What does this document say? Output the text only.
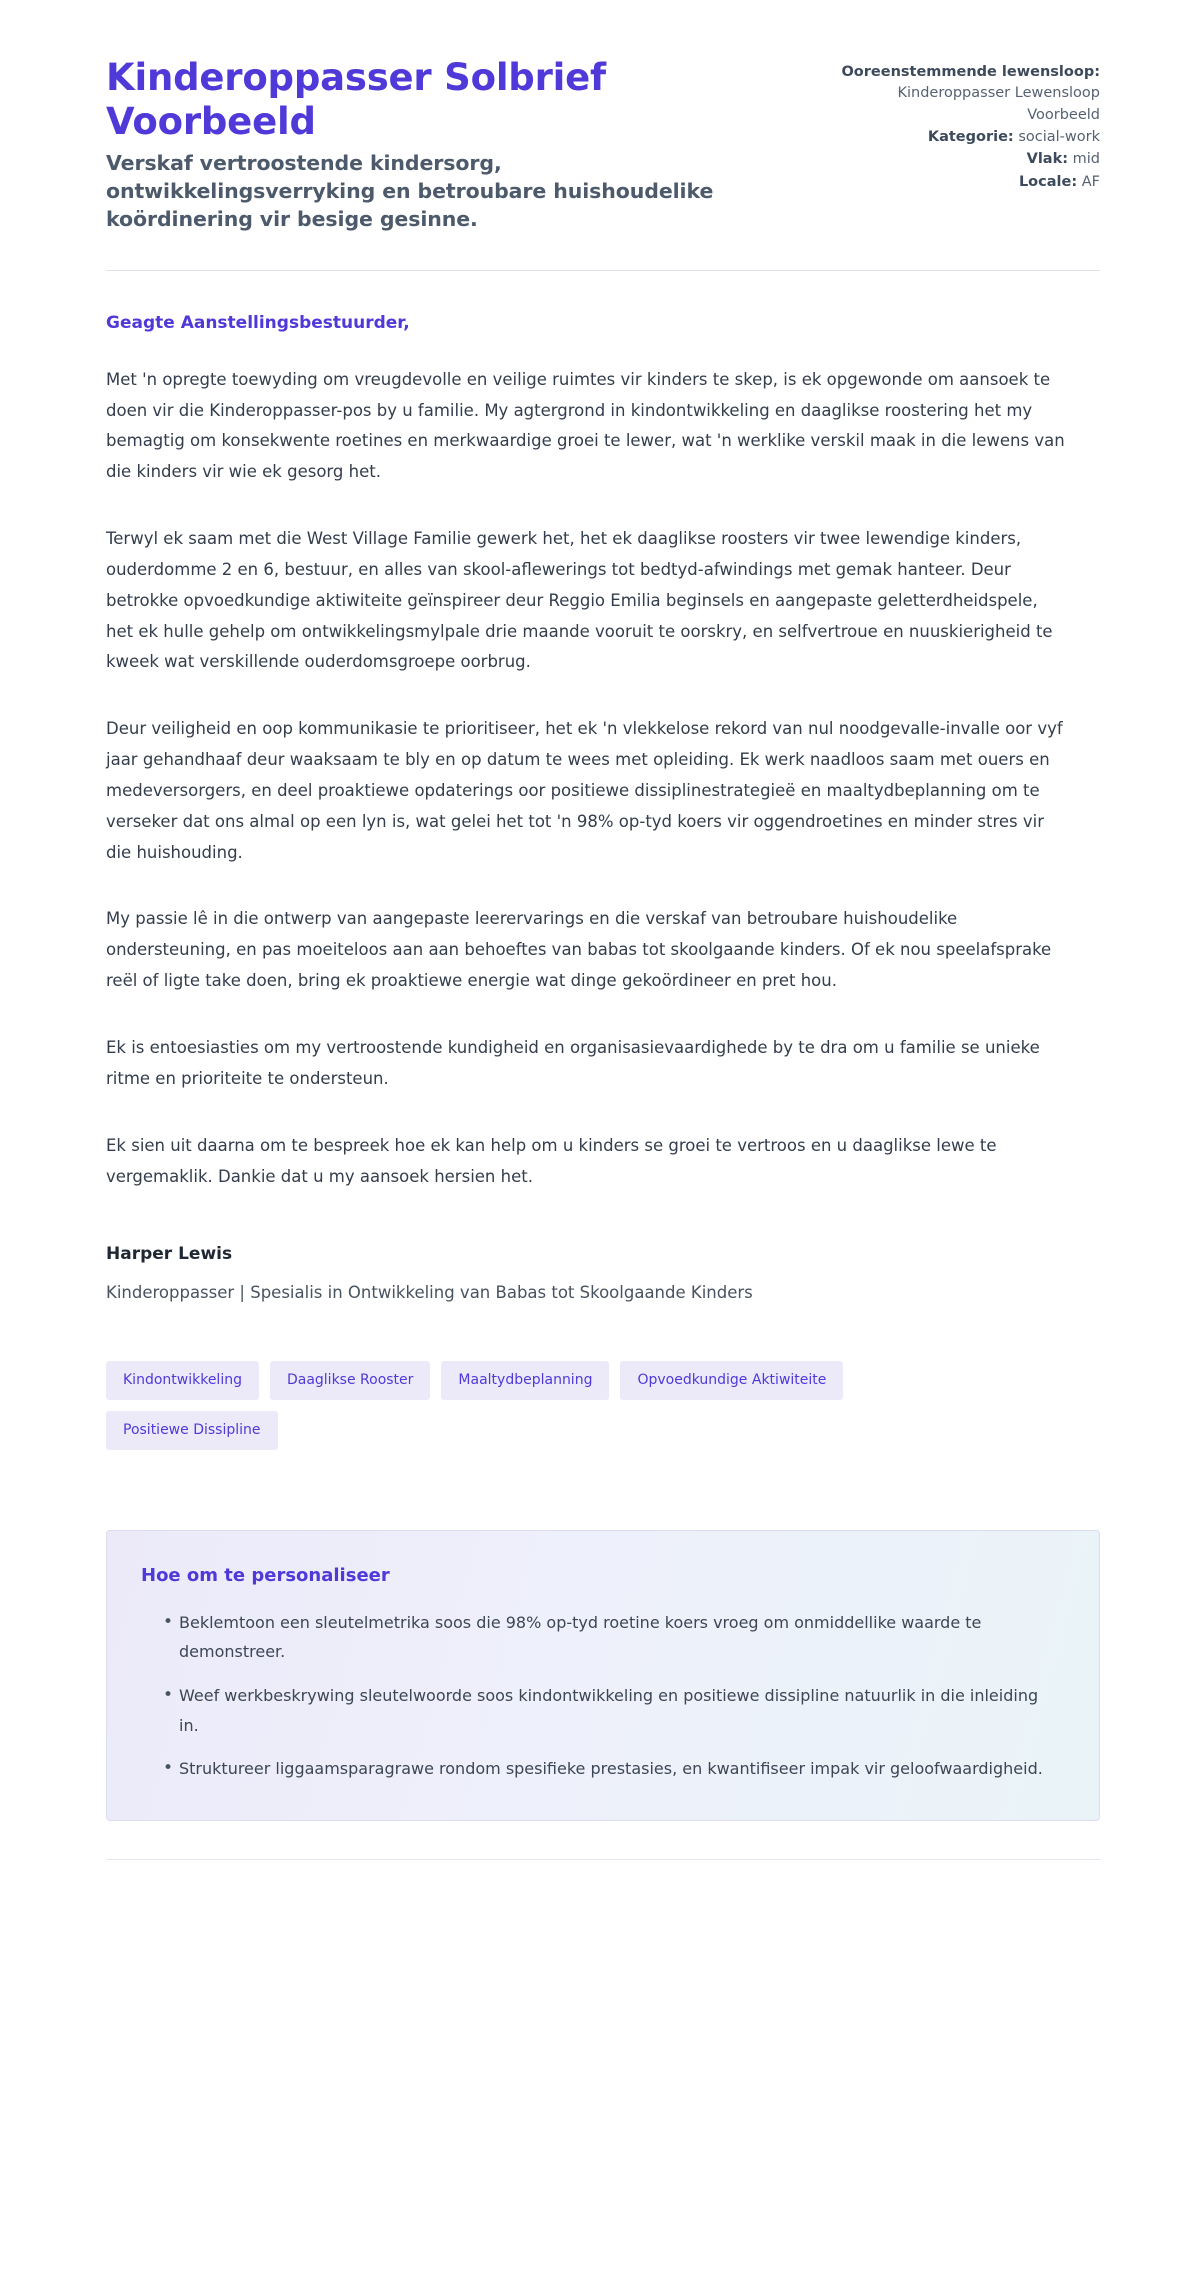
Kinderoppasser Solbrief Voorbeeld

Verskaf vertroostende kindersorg, ontwikkelingsverryking en betroubare huishoudelike koördinering vir besige gesinne.

Ooreenstemmende lewensloop: Kinderoppasser Lewensloop Voorbeeld
Kategorie: social-work
Vlak: mid
Locale: AF

Geagte Aanstellingsbestuurder,

Met 'n opregte toewyding om vreugdevolle en veilige ruimtes vir kinders te skep, is ek opgewonde om aansoek te doen vir die Kinderoppasser-pos by u familie. My agtergrond in kindontwikkeling en daaglikse roostering het my bemagtig om konsekwente roetines en merkwaardige groei te lewer, wat 'n werklike verskil maak in die lewens van die kinders vir wie ek gesorg het.

Terwyl ek saam met die West Village Familie gewerk het, het ek daaglikse roosters vir twee lewendige kinders, ouderdomme 2 en 6, bestuur, en alles van skool-aflewerings tot bedtyd-afwindings met gemak hanteer. Deur betrokke opvoedkundige aktiwiteite geïnspireer deur Reggio Emilia beginsels en aangepaste geletterdheidspele, het ek hulle gehelp om ontwikkelingsmylpale drie maande vooruit te oorskry, en selfvertroue en nuuskierigheid te kweek wat verskillende ouderdomsgroepe oorbrug.

Deur veiligheid en oop kommunikasie te prioritiseer, het ek 'n vlekkelose rekord van nul noodgevalle-invalle oor vyf jaar gehandhaaf deur waaksaam te bly en op datum te wees met opleiding. Ek werk naadloos saam met ouers en medeversorgers, en deel proaktiewe opdaterings oor positiewe dissiplinestrategieë en maaltydbeplanning om te verseker dat ons almal op een lyn is, wat gelei het tot 'n 98% op-tyd koers vir oggendroetines en minder stres vir die huishouding.

My passie lê in die ontwerp van aangepaste leerervarings en die verskaf van betroubare huishoudelike ondersteuning, en pas moeiteloos aan aan behoeftes van babas tot skoolgaande kinders. Of ek nou speelafsprake reël of ligte take doen, bring ek proaktiewe energie wat dinge gekoördineer en pret hou.

Ek is entoesiasties om my vertroostende kundigheid en organisasievaardighede by te dra om u familie se unieke ritme en prioriteite te ondersteun.

Ek sien uit daarna om te bespreek hoe ek kan help om u kinders se groei te vertroos en u daaglikse lewe te vergemaklik. Dankie dat u my aansoek hersien het.

Harper Lewis

Kinderoppasser | Spesialis in Ontwikkeling van Babas tot Skoolgaande Kinders

Kindontwikkeling	Daaglikse Rooster	Maaltydbeplanning	Opvoedkundige Aktiwiteite
Positiewe Dissipline
Hoe om te personaliseer
• Beklemtoon een sleutelmetrika soos die 98% op-tyd roetine koers vroeg om onmiddellike waarde te demonstreer.
• Weef werkbeskrywing sleutelwoorde soos kindontwikkeling en positiewe dissipline natuurlik in die inleiding in.
• Struktureer liggaamsparagrawe rondom spesifieke prestasies, en kwantifiseer impak vir geloofwaardigheid.
